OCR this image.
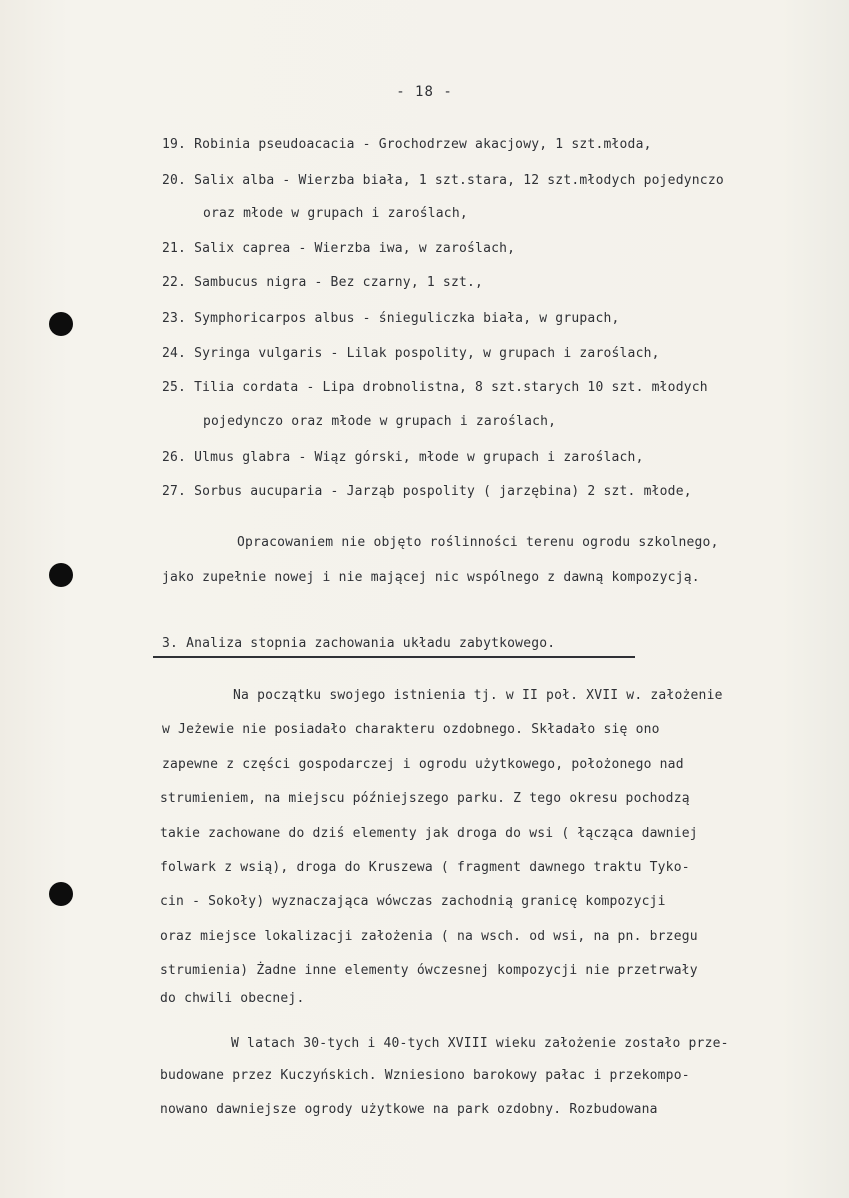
- 18 -
19. Robinia pseudoacacia - Grochodrzew akacjowy, 1 szt.młoda,
20. Salix alba - Wierzba biała, 1 szt.stara, 12 szt.młodych pojedynczo
oraz młode w grupach i zaroślach,
21. Salix caprea - Wierzba iwa, w zaroślach,
22. Sambucus nigra - Bez czarny, 1 szt.,
23. Symphoricarpos albus - śnieguliczka biała, w grupach,
24. Syringa vulgaris - Lilak pospolity, w grupach i zaroślach,
25. Tilia cordata - Lipa drobnolistna, 8 szt.starych 10 szt. młodych
pojedynczo oraz młode w grupach i zaroślach,
26. Ulmus glabra - Wiąz górski, młode w grupach i zaroślach,
27. Sorbus aucuparia - Jarząb pospolity ( jarzębina) 2 szt. młode,
Opracowaniem nie objęto roślinności terenu ogrodu szkolnego,
jako zupełnie nowej i nie mającej nic wspólnego z dawną kompozycją.
3. Analiza stopnia zachowania układu zabytkowego.
Na początku swojego istnienia tj. w II poł. XVII w. założenie
w Jeżewie nie posiadało charakteru ozdobnego. Składało się ono
zapewne z części gospodarczej i ogrodu użytkowego, położonego nad
strumieniem, na miejscu późniejszego parku. Z tego okresu pochodzą
takie zachowane do dziś elementy jak droga do wsi ( łącząca dawniej
folwark z wsią), droga do Kruszewa ( fragment dawnego traktu Tyko-
cin - Sokoły) wyznaczająca wówczas zachodnią granicę kompozycji
oraz miejsce lokalizacji założenia ( na wsch. od wsi, na pn. brzegu
strumienia) Żadne inne elementy ówczesnej kompozycji nie przetrwały
do chwili obecnej.
W latach 30-tych i 40-tych XVIII wieku założenie zostało prze-
budowane przez Kuczyńskich. Wzniesiono barokowy pałac i przekompo-
nowano dawniejsze ogrody użytkowe na park ozdobny. Rozbudowana
